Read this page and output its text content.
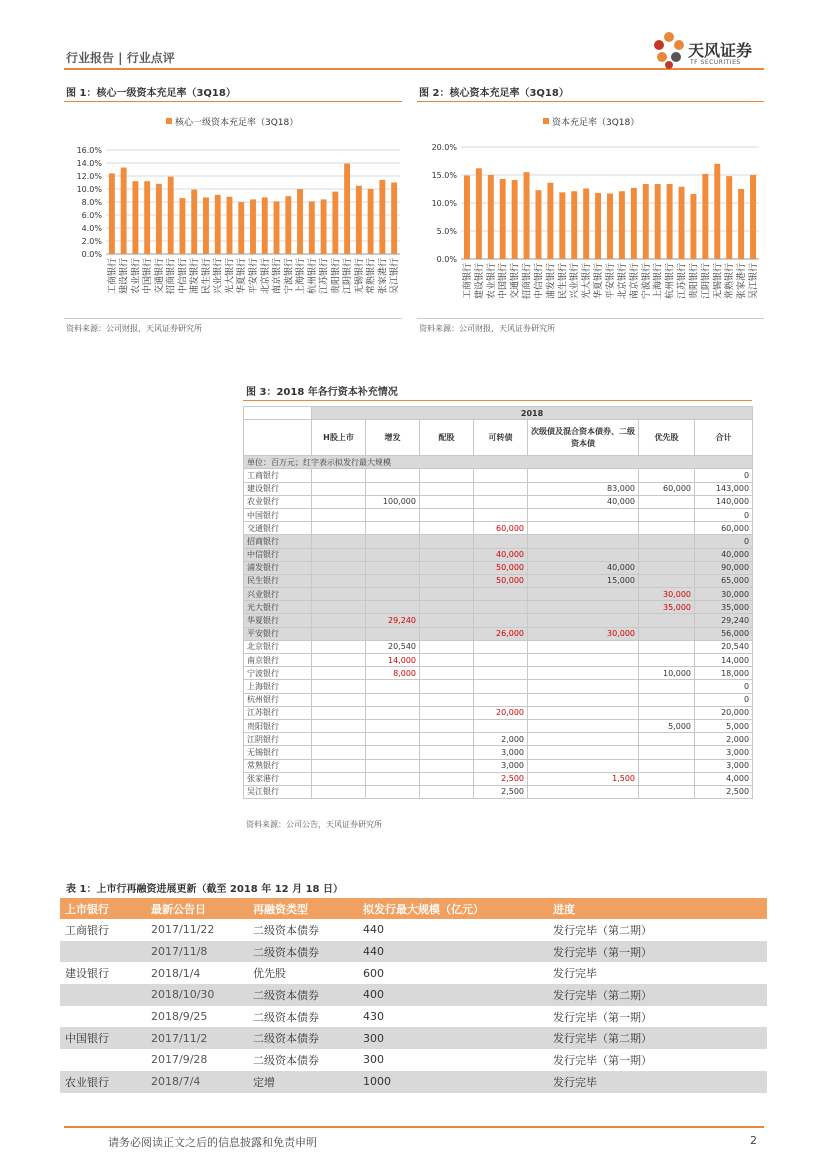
行业报告 | 行业点评	天风证券
TF SECURITIES
图 1：核心一级资本充足率（3Q18）
核心一级资本充足率（3Q18）
0.0%
2.0%
4.0%
6.0%
8.0%
10.0%
12.0%
14.0%
16.0%
工商银行 建设银行 农业银行 中国银行 交通银行 招商银行 中信银行 浦发银行 民生银行 兴业银行 光大银行 华夏银行 平安银行 北京银行 南京银行 宁波银行 上海银行 杭州银行 江苏银行 贵阳银行 江阴银行 无锡银行 常熟银行 张家港行 吴江银行
资料来源：公司财报，天风证券研究所
图 2：核心资本充足率（3Q18）
资本充足率（3Q18）
0.0%
5.0%
10.0%
15.0%
20.0%
工商银行 建设银行 农业银行 中国银行 交通银行 招商银行 中信银行 浦发银行 民生银行 兴业银行 光大银行 华夏银行 平安银行 北京银行 南京银行 宁波银行 上海银行 杭州银行 江苏银行 贵阳银行 江阴银行 无锡银行 常熟银行 张家港行 吴江银行
资料来源：公司财报，天风证券研究所
图 3：2018 年各行资本补充情况
	2018						
	H股上市	增发	配股	可转债	次级债及混合资本债券、二级资本债	优先股	合计
单位：百万元；红字表示拟发行最大规模							
工商银行							0
建设银行					83,000	60,000	143,000
农业银行		100,000			40,000		140,000
中国银行							0
交通银行				60,000			60,000
招商银行							0
中信银行				40,000			40,000
浦发银行				50,000	40,000		90,000
民生银行				50,000	15,000		65,000
兴业银行						30,000	30,000
光大银行						35,000	35,000
华夏银行		29,240					29,240
平安银行				26,000	30,000		56,000
北京银行		20,540					20,540
南京银行		14,000					14,000
宁波银行		8,000				10,000	18,000
上海银行							0
杭州银行							0
江苏银行				20,000			20,000
贵阳银行						5,000	5,000
江阴银行				2,000			2,000
无锡银行				3,000			3,000
常熟银行				3,000			3,000
张家港行				2,500	1,500		4,000
吴江银行				2,500			2,500
资料来源：公司公告，天风证券研究所
表 1：上市行再融资进展更新（截至 2018 年 12 月 18 日）
上市银行	最新公告日	再融资类型	拟发行最大规模（亿元）	进度
工商银行	2017/11/22	二级资本债券	440	发行完毕（第二期）
	2017/11/8	二级资本债券	440	发行完毕（第一期）
建设银行	2018/1/4	优先股	600	发行完毕
	2018/10/30	二级资本债券	400	发行完毕（第二期）
	2018/9/25	二级资本债券	430	发行完毕（第一期）
中国银行	2017/11/2	二级资本债券	300	发行完毕（第二期）
	2017/9/28	二级资本债券	300	发行完毕（第一期）
农业银行	2018/7/4	定增	1000	发行完毕
请务必阅读正文之后的信息披露和免责申明	2
